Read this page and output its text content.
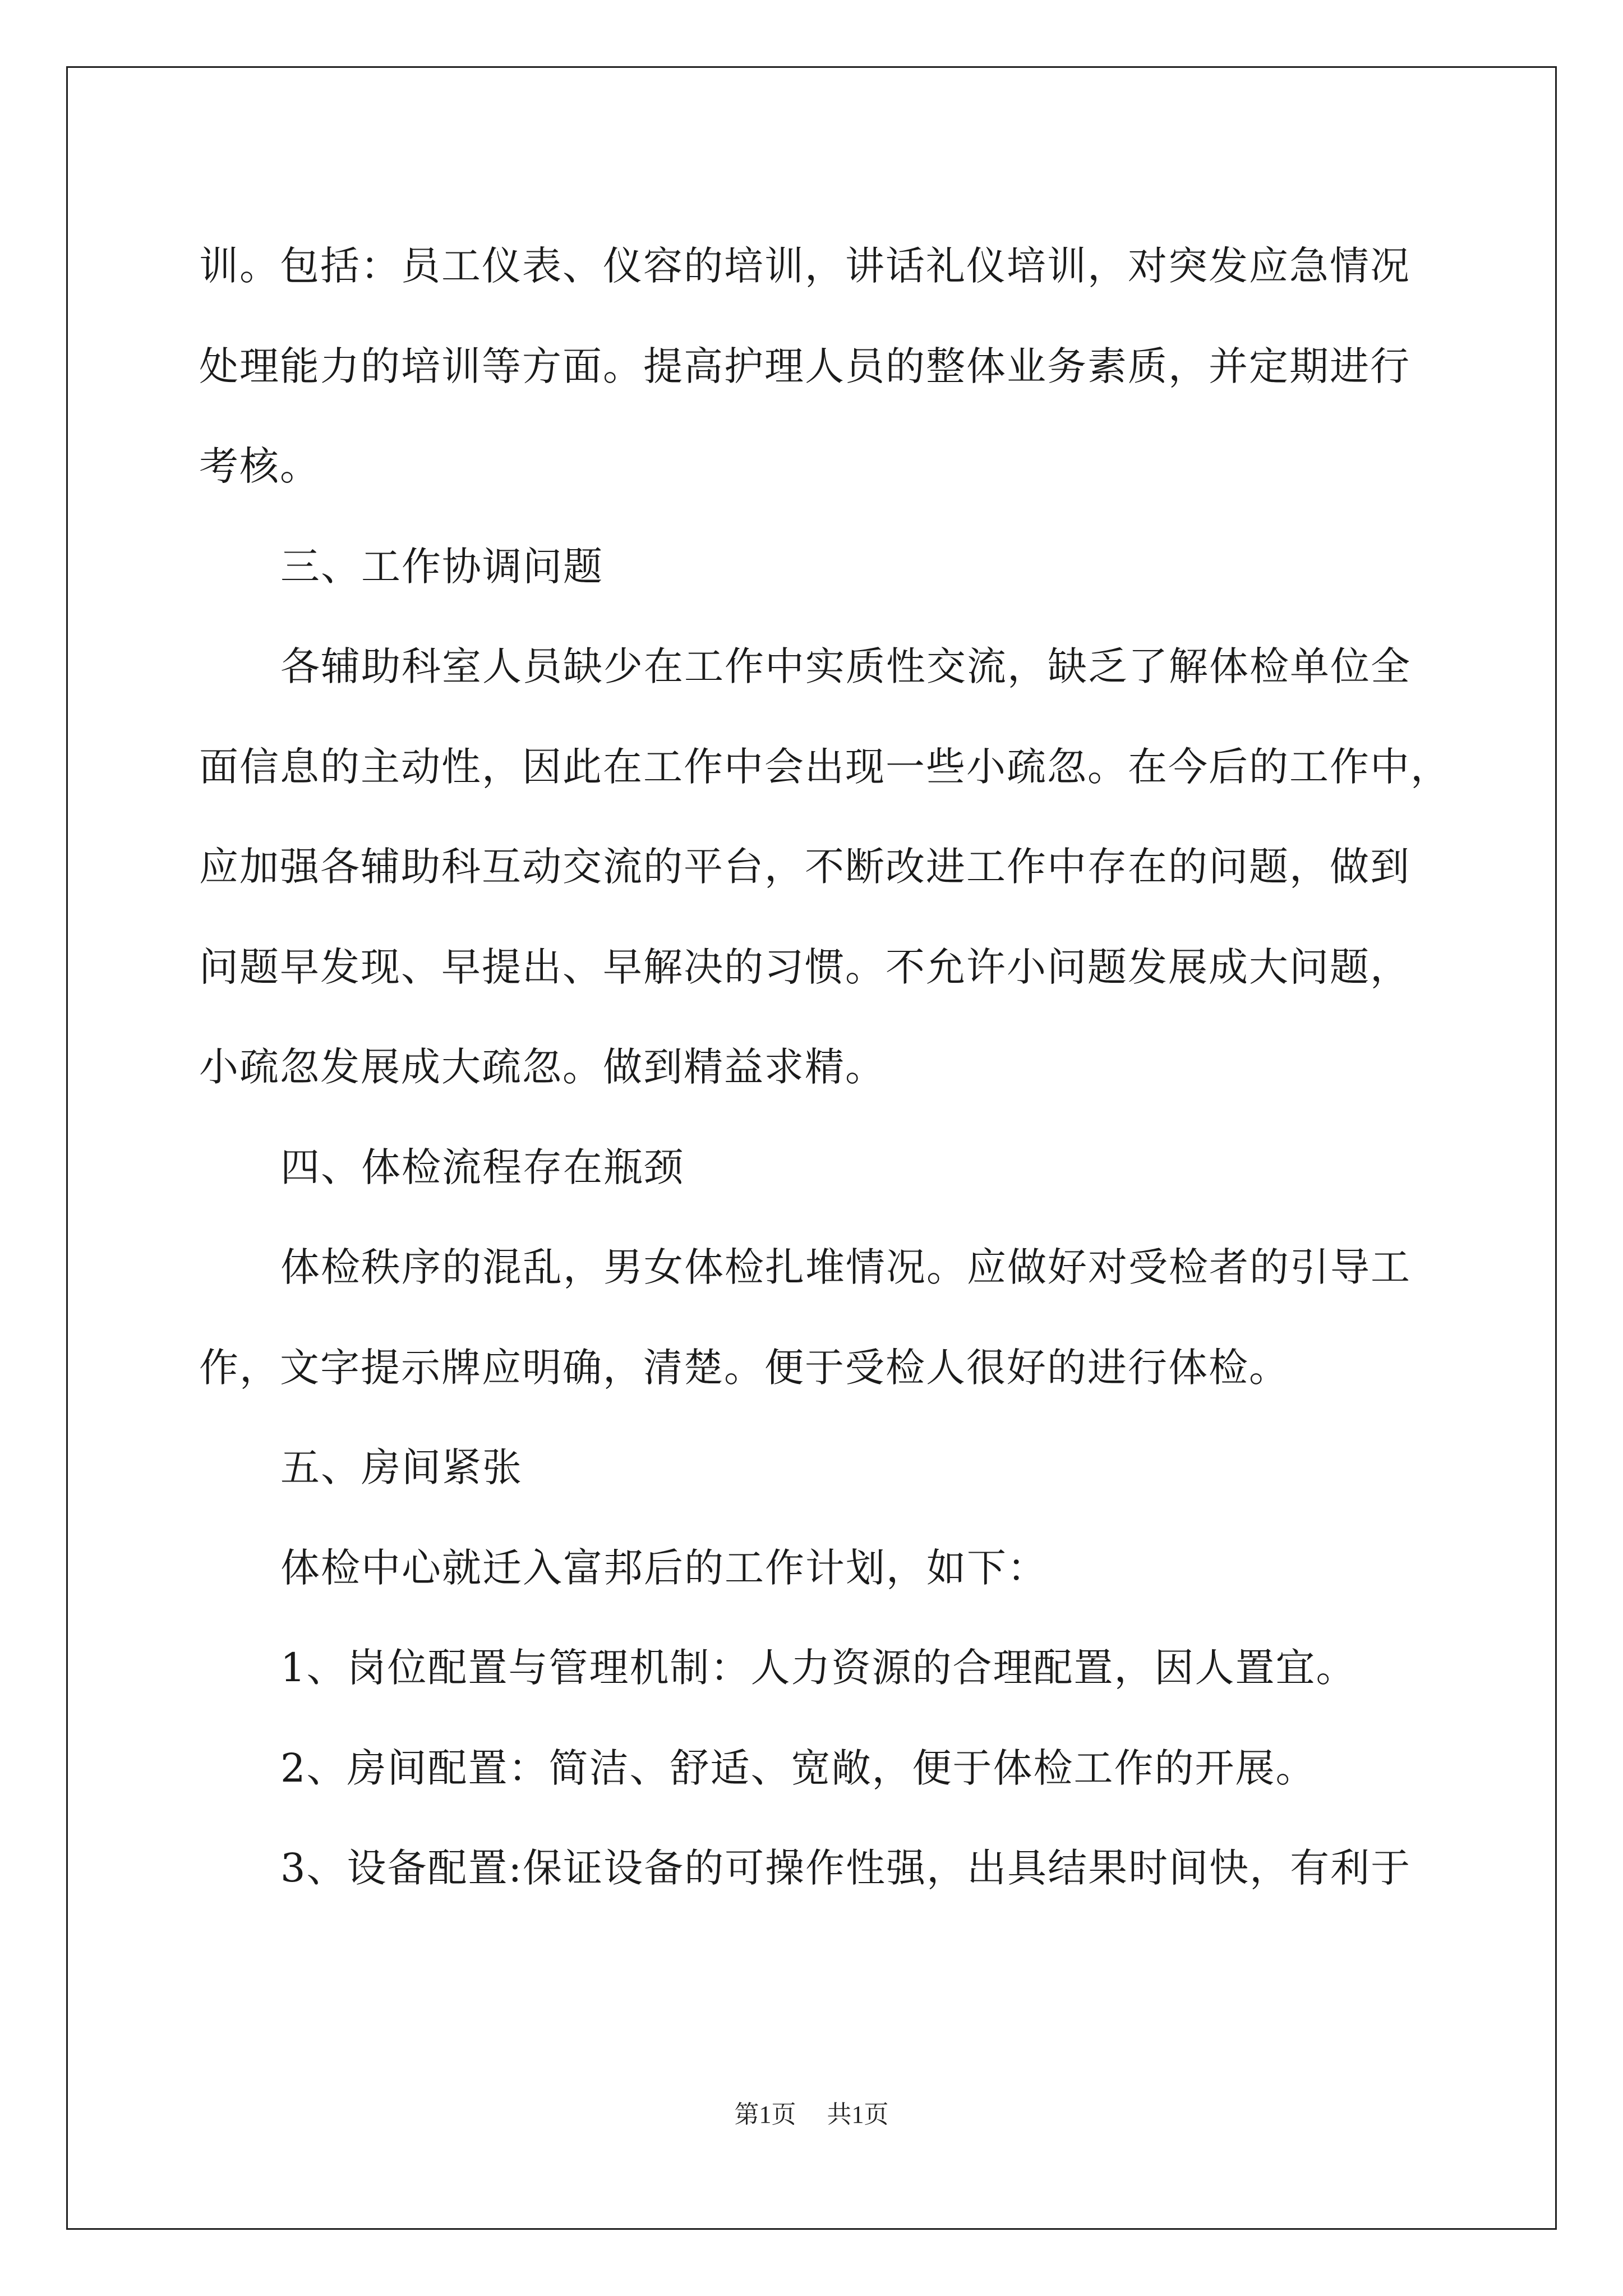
训。包括：员工仪表、仪容的培训，讲话礼仪培训，对突发应急情况
处理能力的培训等方面。提高护理人员的整体业务素质，并定期进行
考核。
三、工作协调问题
各辅助科室人员缺少在工作中实质性交流，缺乏了解体检单位全
面信息的主动性，因此在工作中会出现一些小疏忽。在今后的工作中，
应加强各辅助科互动交流的平台，不断改进工作中存在的问题，做到
问题早发现、早提出、早解决的习惯。不允许小问题发展成大问题，
小疏忽发展成大疏忽。做到精益求精。
四、体检流程存在瓶颈
体检秩序的混乱，男女体检扎堆情况。应做好对受检者的引导工
作，文字提示牌应明确，清楚。便于受检人很好的进行体检。
五、房间紧张
体检中心就迁入富邦后的工作计划，如下：
1、岗位配置与管理机制：人力资源的合理配置，因人置宜。
2、房间配置：简洁、舒适、宽敞，便于体检工作的开展。
3、设备配置:保证设备的可操作性强，出具结果时间快，有利于
第1页 共1页
